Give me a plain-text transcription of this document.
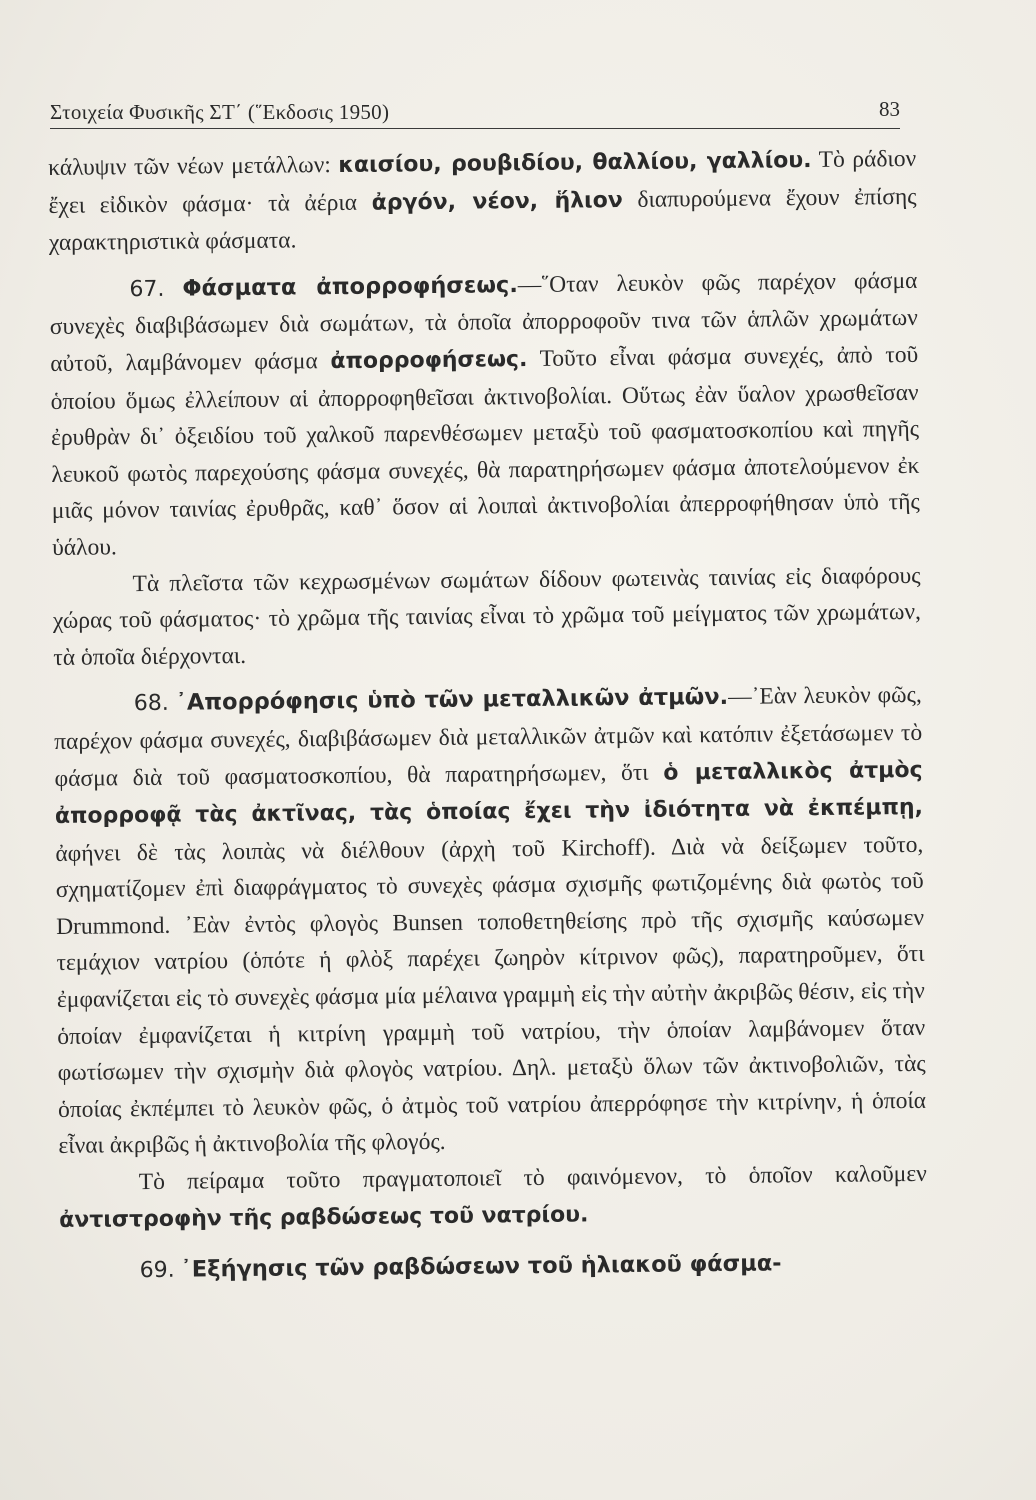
Στοιχεία Φυσικῆς ΣΤ΄ (῞Εκδοσις 1950)	83

κάλυψιν τῶν νέων μετάλλων: καισίου, ρουβιδίου, θαλλίου, γαλλίου. Τὸ ράδιον ἔχει εἰδικὸν φάσμα· τὰ ἀέρια ἀργόν, νέον, ἥλιον διαπυρούμενα ἔχουν ἐπίσης χαρακτηριστικὰ φάσματα.

67. Φάσματα ἀπορροφήσεως.—῞Οταν λευκὸν φῶς παρέχον φάσμα συνεχὲς διαβιβάσωμεν διὰ σωμάτων, τὰ ὁποῖα ἀπορροφοῦν τινα τῶν ἁπλῶν χρωμάτων αὐτοῦ, λαμβάνομεν φάσμα ἀπορροφήσεως. Τοῦτο εἶναι φάσμα συνεχές, ἀπὸ τοῦ ὁποίου ὅμως ἐλλείπουν αἱ ἀπορροφηθεῖσαι ἀκτινοβολίαι. Οὕτως ἐὰν ὕαλον χρωσθεῖσαν ἐρυθρὰν δι᾽ ὀξειδίου τοῦ χαλκοῦ παρενθέσωμεν μεταξὺ τοῦ φασματοσκοπίου καὶ πηγῆς λευκοῦ φωτὸς παρεχούσης φάσμα συνεχές, θὰ παρατηρήσωμεν φάσμα ἀποτελούμενον ἐκ μιᾶς μόνον ταινίας ἐρυθρᾶς, καθ᾽ ὅσον αἱ λοιπαὶ ἀκτινοβολίαι ἀπερροφήθησαν ὑπὸ τῆς ὑάλου.

Τὰ πλεῖστα τῶν κεχρωσμένων σωμάτων δίδουν φωτεινὰς ταινίας εἰς διαφόρους χώρας τοῦ φάσματος· τὸ χρῶμα τῆς ταινίας εἶναι τὸ χρῶμα τοῦ μείγματος τῶν χρωμάτων, τὰ ὁποῖα διέρχονται.

68. ᾿Απορρόφησις ὑπὸ τῶν μεταλλικῶν ἀτμῶν.—᾿Εὰν λευκὸν φῶς, παρέχον φάσμα συνεχές, διαβιβάσωμεν διὰ μεταλλικῶν ἀτμῶν καὶ κατόπιν ἐξετάσωμεν τὸ φάσμα διὰ τοῦ φασματοσκοπίου, θὰ παρατηρήσωμεν, ὅτι ὁ μεταλλικὸς ἀτμὸς ἀπορροφᾷ τὰς ἀκτῖνας, τὰς ὁποίας ἔχει τὴν ἰδιότητα νὰ ἐκπέμπῃ, ἀφήνει δὲ τὰς λοιπὰς νὰ διέλθουν (ἀρχὴ τοῦ Kirchoff). Διὰ νὰ δείξωμεν τοῦτο, σχηματίζομεν ἐπὶ διαφράγματος τὸ συνεχὲς φάσμα σχισμῆς φωτιζομένης διὰ φωτὸς τοῦ Drummond. ᾿Εὰν ἐντὸς φλογὸς Bunsen τοποθετηθείσης πρὸ τῆς σχισμῆς καύσωμεν τεμάχιον νατρίου (ὁπότε ἡ φλὸξ παρέχει ζωηρὸν κίτρινον φῶς), παρατηροῦμεν, ὅτι ἐμφανίζεται εἰς τὸ συνεχὲς φάσμα μία μέλαινα γραμμὴ εἰς τὴν αὐτὴν ἀκριβῶς θέσιν, εἰς τὴν ὁποίαν ἐμφανίζεται ἡ κιτρίνη γραμμὴ τοῦ νατρίου, τὴν ὁποίαν λαμβάνομεν ὅταν φωτίσωμεν τὴν σχισμὴν διὰ φλογὸς νατρίου. Δηλ. μεταξὺ ὅλων τῶν ἀκτινοβολιῶν, τὰς ὁποίας ἐκπέμπει τὸ λευκὸν φῶς, ὁ ἀτμὸς τοῦ νατρίου ἀπερρόφησε τὴν κιτρίνην, ἡ ὁποία εἶναι ἀκριβῶς ἡ ἀκτινοβολία τῆς φλογός.

Τὸ πείραμα τοῦτο πραγματοποιεῖ τὸ φαινόμενον, τὸ ὁποῖον καλοῦμεν ἀντιστροφὴν τῆς ραβδώσεως τοῦ νατρίου.

69. ᾿Εξήγησις τῶν ραβδώσεων τοῦ ἡλιακοῦ φάσμα-
